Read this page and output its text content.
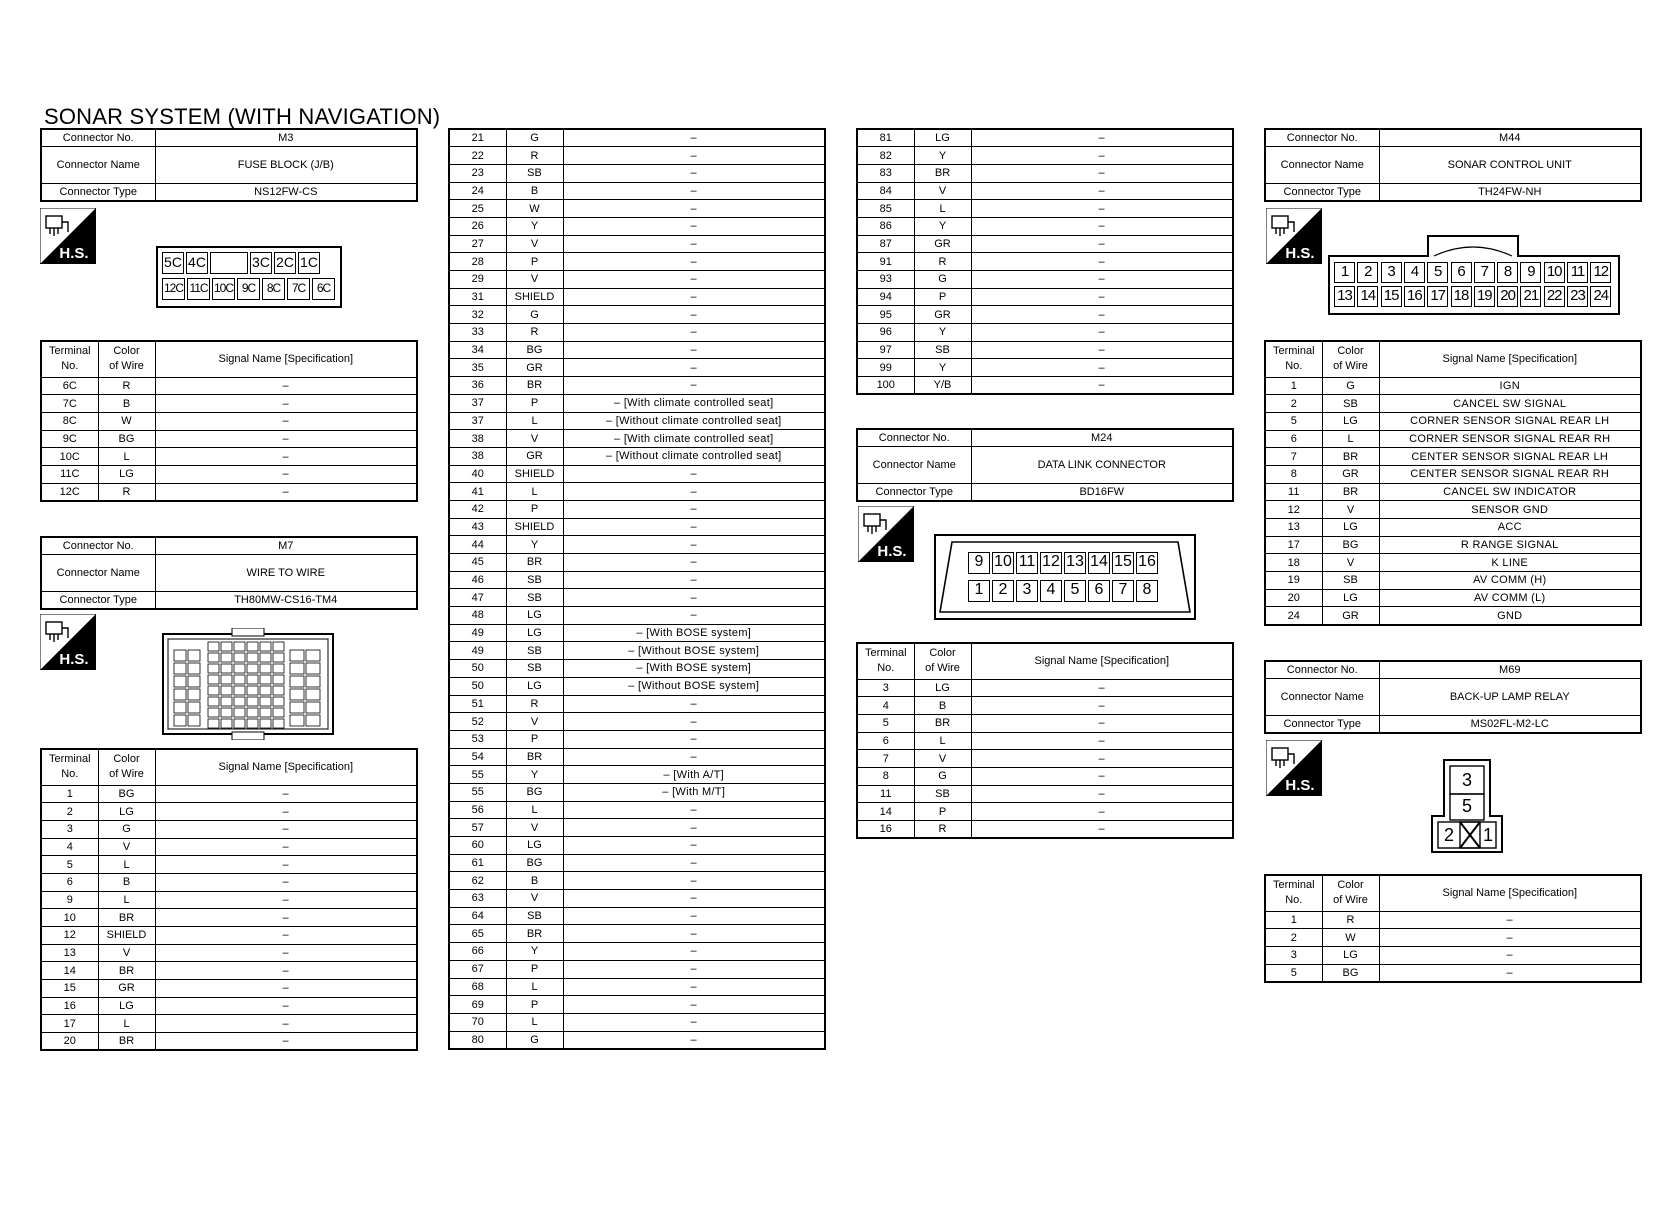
SONAR SYSTEM (WITH NAVIGATION)
Connector No.	M3
Connector Name	FUSE BLOCK (J/B)
Connector Type	NS12FW-CS
H.S.	5C 4C	3C 2C 1C
12C 11C 10C 9C 8C 7C 6C
Terminal
No.	Color
of Wire	Signal Name [Specification]
6C	R	–
7C	B	–
8C	W	–
9C	BG	–
10C	L	–
11C	LG	–
12C	R	–
Connector No.	M7
Connector Name	WIRE TO WIRE
Connector Type	TH80MW-CS16-TM4
H.S.
Terminal
No.	Color
of Wire	Signal Name [Specification]
1	BG	–
2	LG	–
3	G	–
4	V	–
5	L	–
6	B	–
9	L	–
10	BR	–
12	SHIELD	–
13	V	–
14	BR	–
15	GR	–
16	LG	–
17	L	–
20	BR	–
21	G	–
22	R	–
23	SB	–
24	B	–
25	W	–
26	Y	–
27	V	–
28	P	–
29	V	–
31	SHIELD	–
32	G	–
33	R	–
34	BG	–
35	GR	–
36	BR	–
37	P	– [With climate controlled seat]
37	L	– [Without climate controlled seat]
38	V	– [With climate controlled seat]
38	GR	– [Without climate controlled seat]
40	SHIELD	–
41	L	–
42	P	–
43	SHIELD	–
44	Y	–
45	BR	–
46	SB	–
47	SB	–
48	LG	–
49	LG	– [With BOSE system]
49	SB	– [Without BOSE system]
50	SB	– [With BOSE system]
50	LG	– [Without BOSE system]
51	R	–
52	V	–
53	P	–
54	BR	–
55	Y	– [With A/T]
55	BG	– [With M/T]
56	L	–
57	V	–
60	LG	–
61	BG	–
62	B	–
63	V	–
64	SB	–
65	BR	–
66	Y	–
67	P	–
68	L	–
69	P	–
70	L	–
80	G	–
81	LG	–
82	Y	–
83	BR	–
84	V	–
85	L	–
86	Y	–
87	GR	–
91	R	–
93	G	–
94	P	–
95	GR	–
96	Y	–
97	SB	–
99	Y	–
100	Y/B	–
Connector No.	M24
Connector Name	DATA LINK CONNECTOR
Connector Type	BD16FW
H.S.
9 10 11 12 13 14 15 16
1 2 3 4 5 6 7 8
Terminal
No.	Color
of Wire	Signal Name [Specification]
3	LG	–
4	B	–
5	BR	–
6	L	–
7	V	–
8	G	–
11	SB	–
14	P	–
16	R	–
Connector No.	M44
Connector Name	SONAR CONTROL UNIT
Connector Type	TH24FW-NH
H.S.
1	2	3	4	5	6	7	8	9 10 11 12
13 14 15 16 17 18 19 20 21 22 23 24
Terminal
No.	Color
of Wire	Signal Name [Specification]
1	G	IGN
2	SB	CANCEL SW SIGNAL
5	LG	CORNER SENSOR SIGNAL REAR LH
6	L	CORNER SENSOR SIGNAL REAR RH
7	BR	CENTER SENSOR SIGNAL REAR LH
8	GR	CENTER SENSOR SIGNAL REAR RH
11	BR	CANCEL SW INDICATOR
12	V	SENSOR GND
13	LG	ACC
17	BG	R RANGE SIGNAL
18	V	K LINE
19	SB	AV COMM (H)
20	LG	AV COMM (L)
24	GR	GND
Connector No.	M69
Connector Name	BACK-UP LAMP RELAY
Connector Type	MS02FL-M2-LC
H.S.	3
5
2	1
Terminal
No.	Color
of Wire	Signal Name [Specification]
1	R	–
2	W	–
3	LG	–
5	BG	–
